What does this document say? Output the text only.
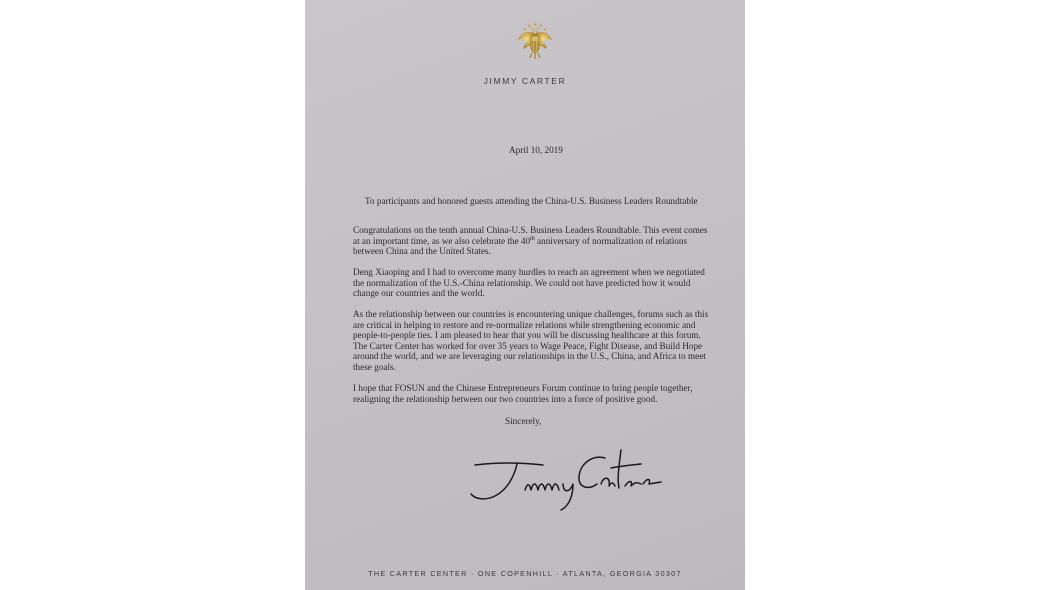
JIMMY CARTER
April 10, 2019
To participants and honored guests attending the China-U.S. Business Leaders Roundtable

Congratulations on the tenth annual China-U.S. Business Leaders Roundtable. This event comes at an important time, as we also celebrate the 40th anniversary of normalization of relations between China and the United States.

Deng Xiaoping and I had to overcome many hurdles to reach an agreement when we negotiated the normalization of the U.S.-China relationship. We could not have predicted how it would change our countries and the world.

As the relationship between our countries is encountering unique challenges, forums such as this are critical in helping to restore and re-normalize relations while strengthening economic and people-to-people ties. I am pleased to hear that you will be discussing healthcare at this forum. The Carter Center has worked for over 35 years to Wage Peace, Fight Disease, and Build Hope around the world, and we are leveraging our relationships in the U.S., China, and Africa to meet these goals.

I hope that FOSUN and the Chinese Entrepreneurs Forum continue to bring people together, realigning the relationship between our two countries into a force of positive good.

Sincerely,
THE CARTER CENTER · ONE COPENHILL · ATLANTA, GEORGIA 30307
